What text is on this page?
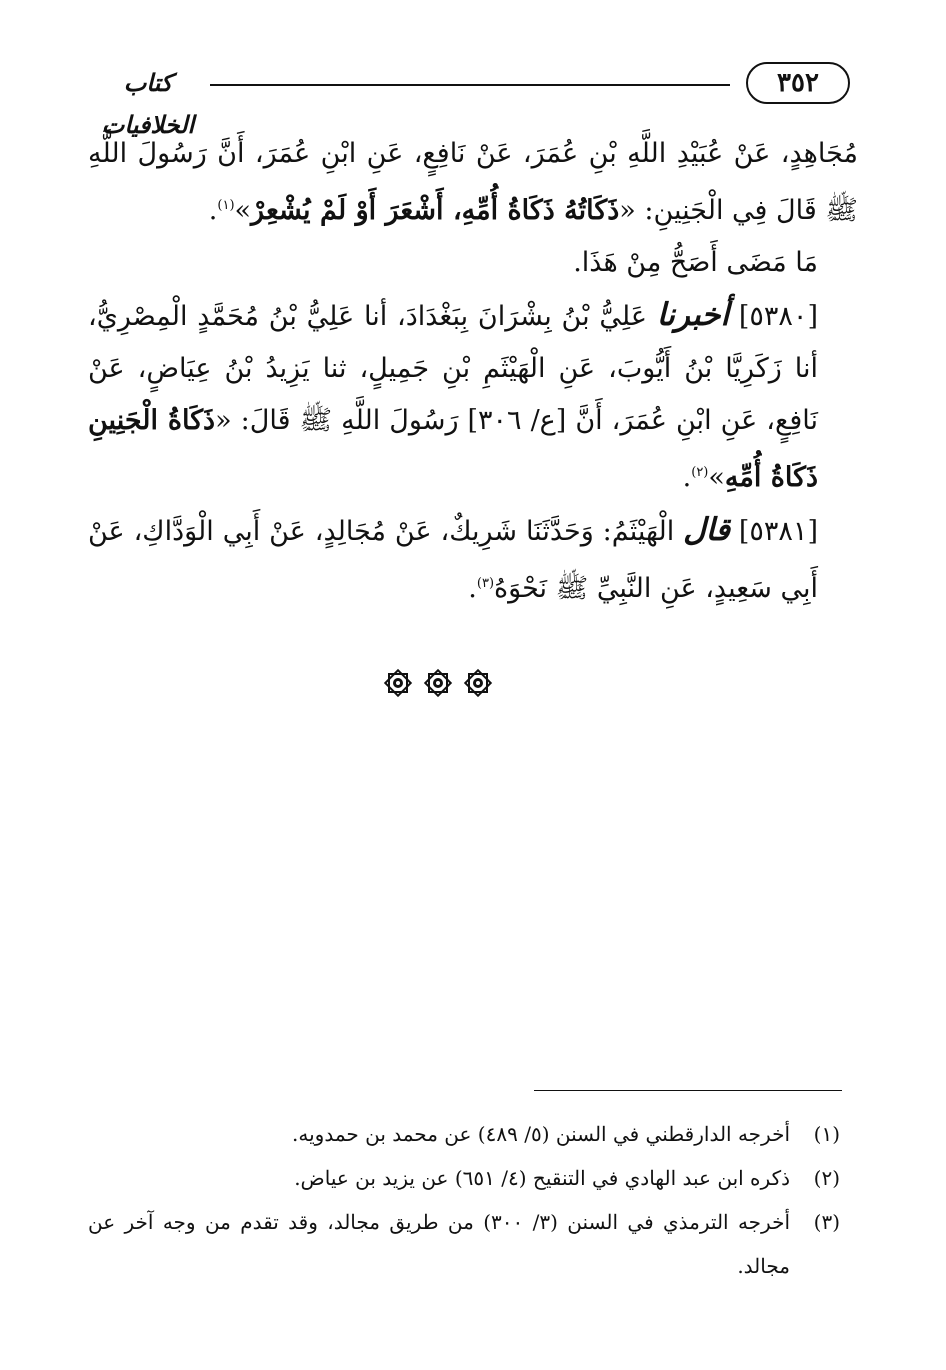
كتاب الخلافيات
٣٥٢

مُجَاهِدٍ، عَنْ عُبَيْدِ اللَّهِ بْنِ عُمَرَ، عَنْ نَافِعٍ، عَنِ ابْنِ عُمَرَ، أَنَّ رَسُولَ اللَّهِ ﷺ قَالَ فِي الْجَنِينِ: «ذَكَاتُهُ ذَكَاةُ أُمِّهِ، أَشْعَرَ أَوْ لَمْ يُشْعِرْ»$^{(١)}$.

مَا مَضَى أَصَحُّ مِنْ هَذَا.

[٥٣٨٠] أخبرنا عَلِيُّ بْنُ بِشْرَانَ بِبَغْدَادَ، أنا عَلِيُّ بْنُ مُحَمَّدٍ الْمِصْرِيُّ، أنا زَكَرِيَّا بْنُ أَيُّوبَ، عَنِ الْهَيْثَمِ بْنِ جَمِيلٍ، ثنا يَزِيدُ بْنُ عِيَاضٍ، عَنْ نَافِعٍ، عَنِ ابْنِ عُمَرَ، أَنَّ [ع/ ٣٠٦] رَسُولَ اللَّهِ ﷺ قَالَ: «ذَكَاةُ الْجَنِينِ ذَكَاةُ أُمِّهِ»$^{(٢)}$.

[٥٣٨١] قال الْهَيْثَمُ: وَحَدَّثَنَا شَرِيكٌ، عَنْ مُجَالِدٍ، عَنْ أَبِي الْوَدَّاكِ، عَنْ أَبِي سَعِيدٍ، عَنِ النَّبِيِّ ﷺ نَحْوَهُ$^{(٣)}$.

(١)
أخرجه الدارقطني في السنن (٥/ ٤٨٩) عن محمد بن حمدويه.
(٢)
ذكره ابن عبد الهادي في التنقيح (٤/ ٦٥١) عن يزيد بن عياض.
(٣)
أخرجه الترمذي في السنن (٣/ ٣٠٠) من طريق مجالد، وقد تقدم من وجه آخر عن مجالد.
